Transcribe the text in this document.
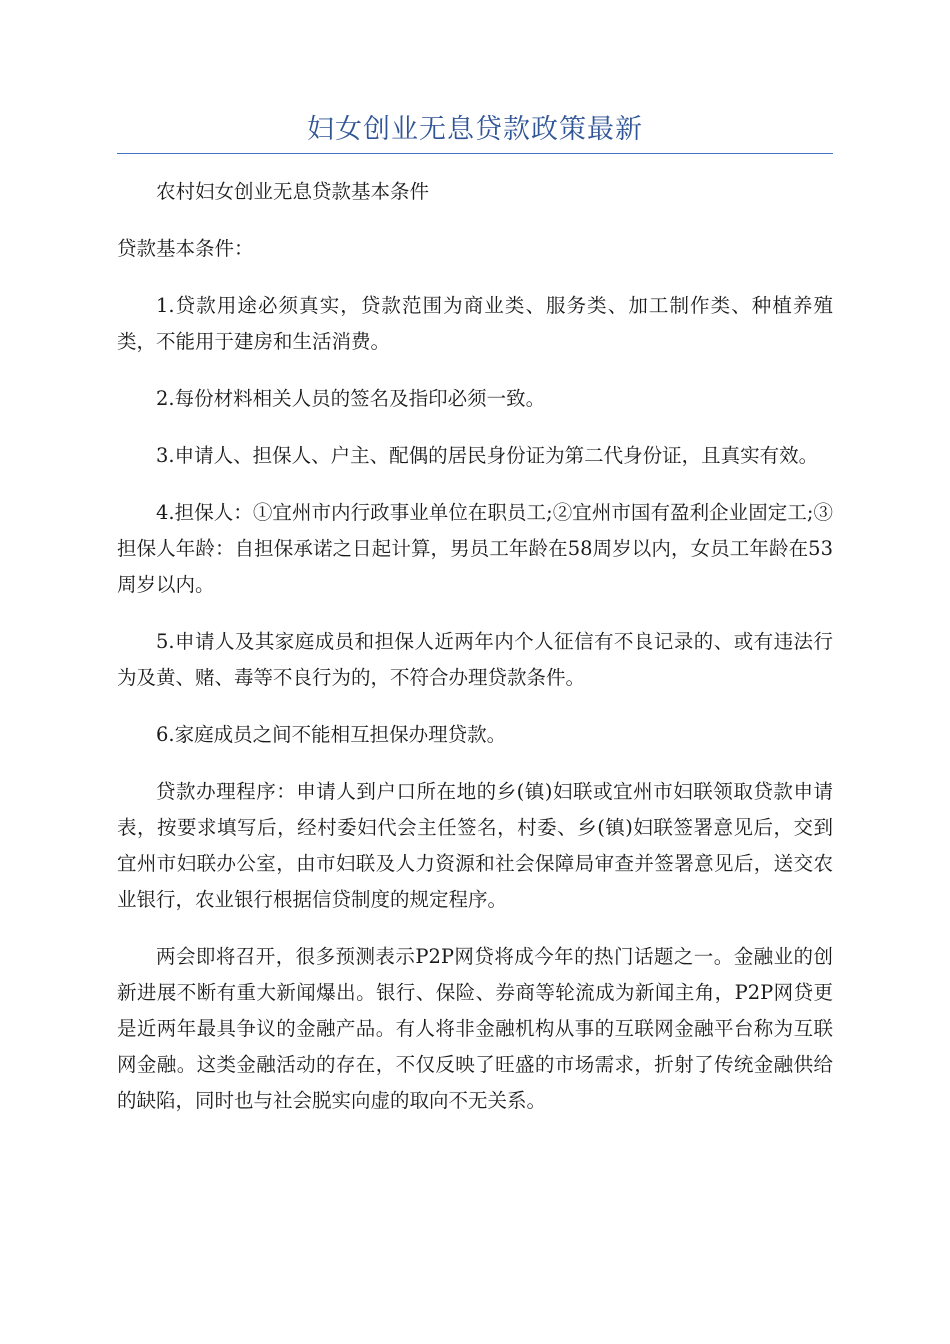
妇女创业无息贷款政策最新

农村妇女创业无息贷款基本条件

贷款基本条件：

1.贷款用途必须真实，贷款范围为商业类、服务类、加工制作类、种植养殖类，不能用于建房和生活消费。

2.每份材料相关人员的签名及指印必须一致。

3.申请人、担保人、户主、配偶的居民身份证为第二代身份证，且真实有效。

4.担保人：①宜州市内行政事业单位在职员工;②宜州市国有盈利企业固定工;③担保人年龄：自担保承诺之日起计算，男员工年龄在58周岁以内，女员工年龄在53周岁以内。

5.申请人及其家庭成员和担保人近两年内个人征信有不良记录的、或有违法行为及黄、赌、毒等不良行为的，不符合办理贷款条件。

6.家庭成员之间不能相互担保办理贷款。

贷款办理程序：申请人到户口所在地的乡(镇)妇联或宜州市妇联领取贷款申请表，按要求填写后，经村委妇代会主任签名，村委、乡(镇)妇联签署意见后，交到宜州市妇联办公室，由市妇联及人力资源和社会保障局审查并签署意见后，送交农业银行，农业银行根据信贷制度的规定程序。

两会即将召开，很多预测表示P2P网贷将成今年的热门话题之一。金融业的创新进展不断有重大新闻爆出。银行、保险、券商等轮流成为新闻主角，P2P网贷更是近两年最具争议的金融产品。有人将非金融机构从事的互联网金融平台称为互联网金融。这类金融活动的存在，不仅反映了旺盛的市场需求，折射了传统金融供给的缺陷，同时也与社会脱实向虚的取向不无关系。
